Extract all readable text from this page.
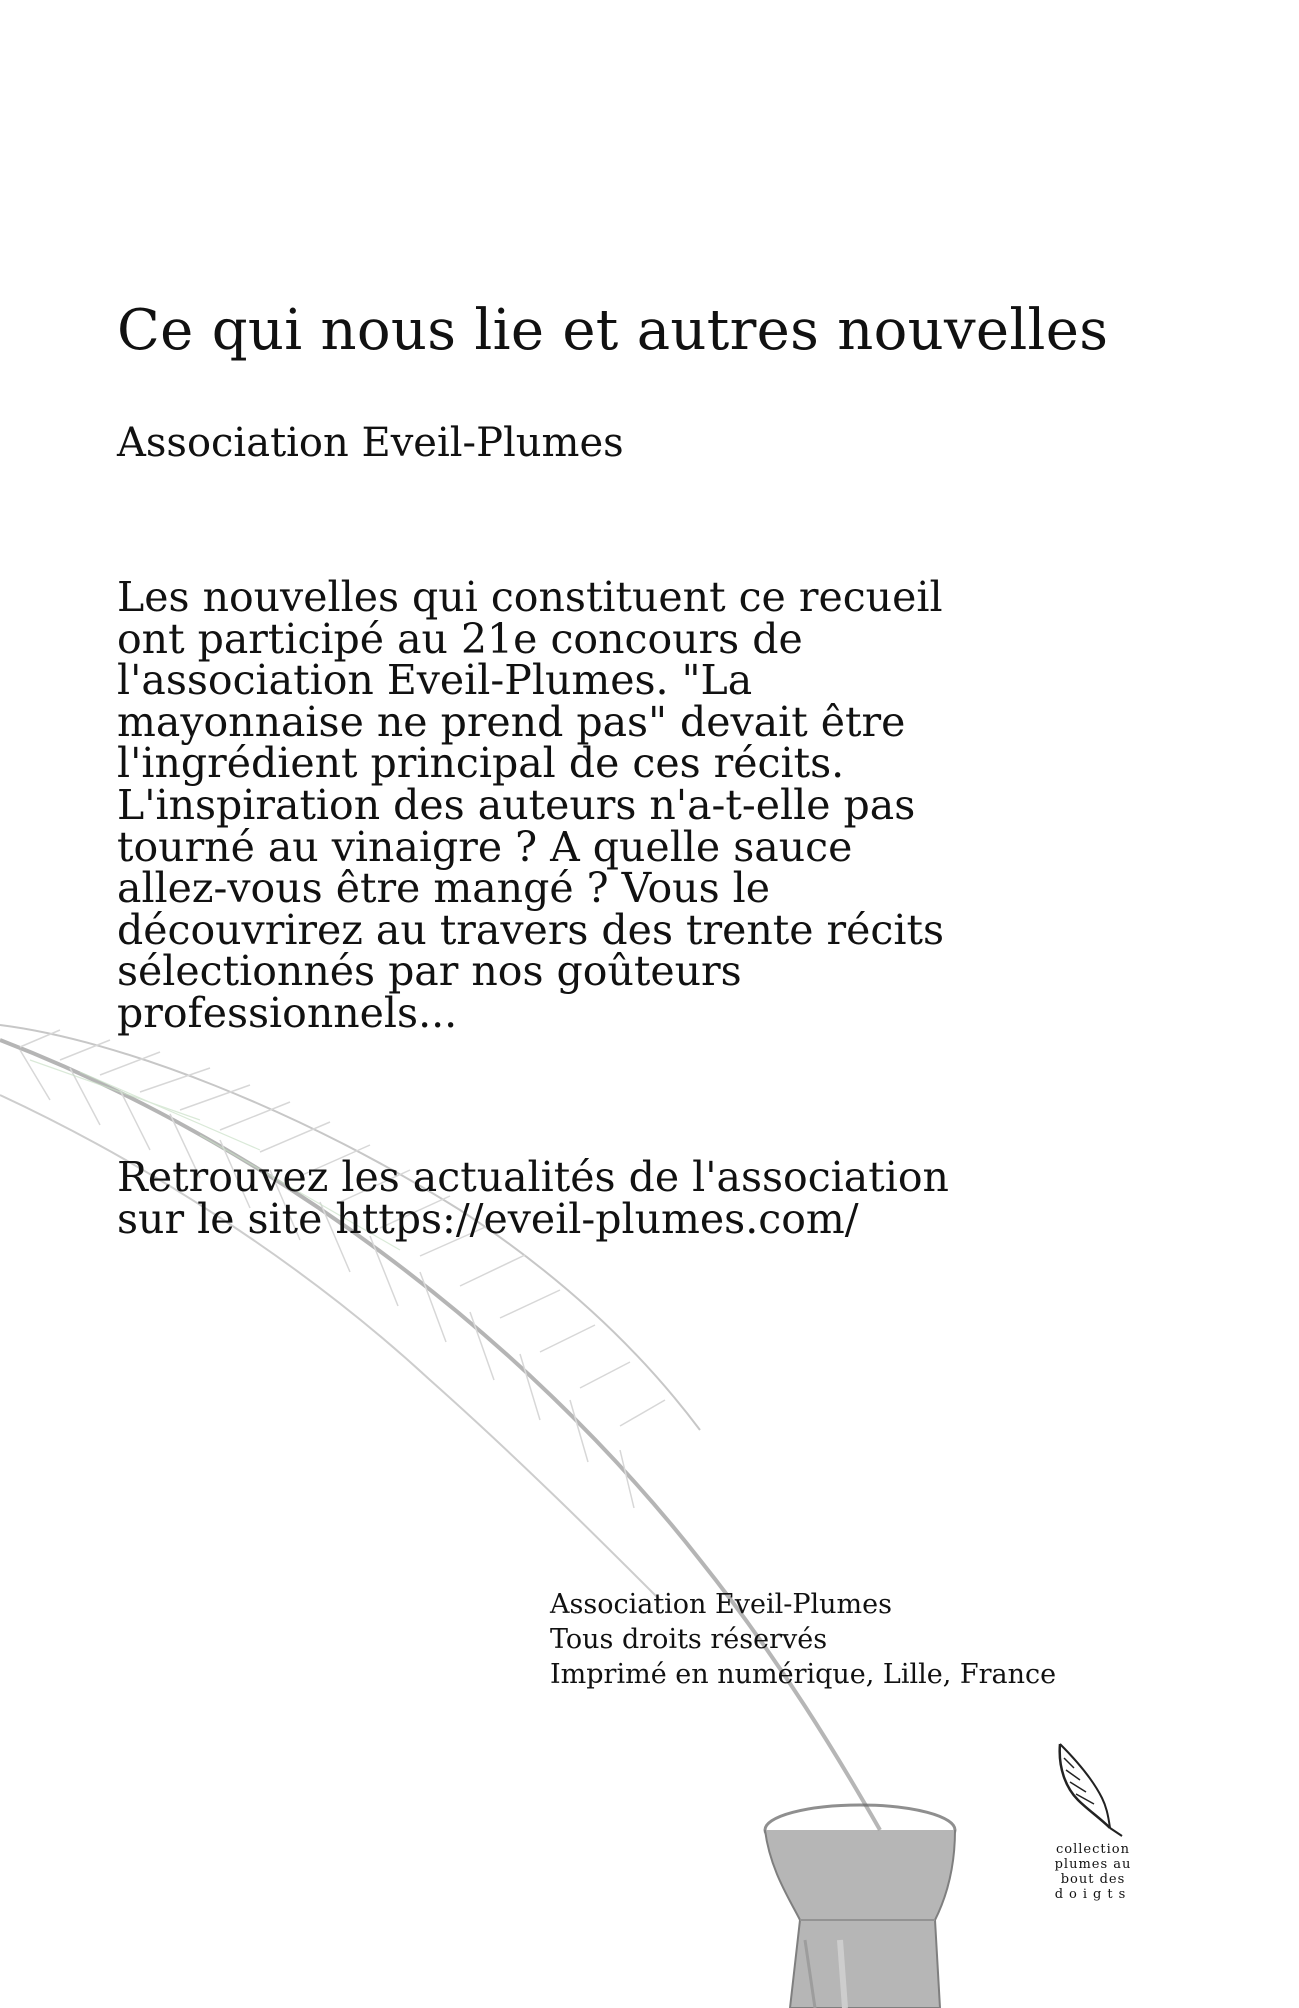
Ce qui nous lie et autres nouvelles
Association Eveil-Plumes
Les nouvelles qui constituent ce recueil
ont participé au 21e concours de
l'association Eveil-Plumes. "La
mayonnaise ne prend pas" devait être
l'ingrédient principal de ces récits.
L'inspiration des auteurs n'a-t-elle pas
tourné au vinaigre ? A quelle sauce
allez-vous être mangé ? Vous le
découvrirez au travers des trente récits
sélectionnés par nos goûteurs
professionnels...
Retrouvez les actualités de l'association
sur le site https://eveil-plumes.com/
Association Eveil-Plumes
Tous droits réservés
Imprimé en numérique, Lille, France
collection
plumes au
bout des
doigts
